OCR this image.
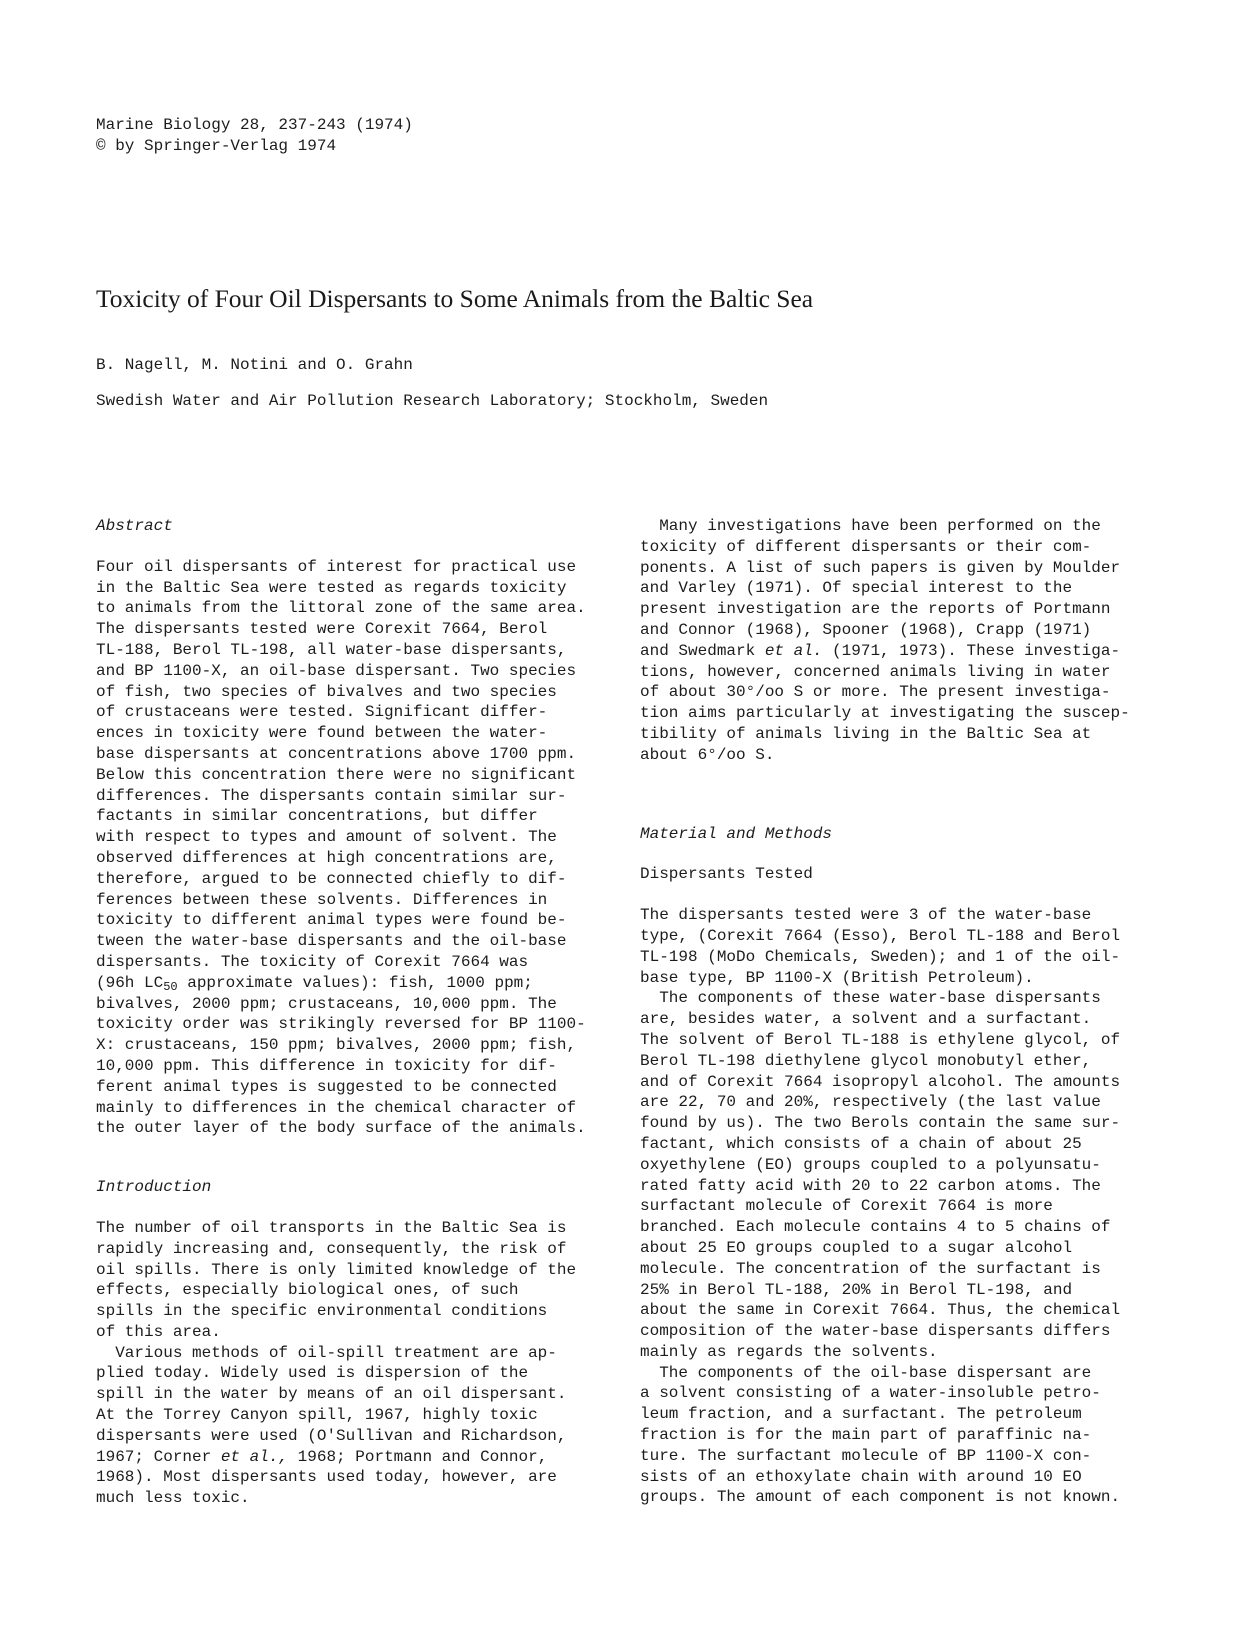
Marine Biology 28, 237-243 (1974)
© by Springer-Verlag 1974
Toxicity of Four Oil Dispersants to Some Animals from the Baltic Sea
B. Nagell, M. Notini and O. Grahn
Swedish Water and Air Pollution Research Laboratory; Stockholm, Sweden
Abstract
Four oil dispersants of interest for practical use
in the Baltic Sea were tested as regards toxicity
to animals from the littoral zone of the same area.
The dispersants tested were Corexit 7664, Berol
TL-188, Berol TL-198, all water-base dispersants,
and BP 1100-X, an oil-base dispersant. Two species
of fish, two species of bivalves and two species
of crustaceans were tested. Significant differ-
ences in toxicity were found between the water-
base dispersants at concentrations above 1700 ppm.
Below this concentration there were no significant
differences. The dispersants contain similar sur-
factants in similar concentrations, but differ
with respect to types and amount of solvent. The
observed differences at high concentrations are,
therefore, argued to be connected chiefly to dif-
ferences between these solvents. Differences in
toxicity to different animal types were found be-
tween the water-base dispersants and the oil-base
dispersants. The toxicity of Corexit 7664 was
(96h $LC_{50}$ approximate values): fish, 1000 ppm;
bivalves, 2000 ppm; crustaceans, 10,000 ppm. The
toxicity order was strikingly reversed for BP 1100-
X: crustaceans, 150 ppm; bivalves, 2000 ppm; fish,
10,000 ppm. This difference in toxicity for dif-
ferent animal types is suggested to be connected
mainly to differences in the chemical character of
the outer layer of the body surface of the animals.
Introduction
The number of oil transports in the Baltic Sea is
rapidly increasing and, consequently, the risk of
oil spills. There is only limited knowledge of the
effects, especially biological ones, of such
spills in the specific environmental conditions
of this area.
Various methods of oil-spill treatment are ap-
plied today. Widely used is dispersion of the
spill in the water by means of an oil dispersant.
At the Torrey Canyon spill, 1967, highly toxic
dispersants were used (O'Sullivan and Richardson,
1967; Corner et al., 1968; Portmann and Connor,
1968). Most dispersants used today, however, are
much less toxic.
Many investigations have been performed on the
toxicity of different dispersants or their com-
ponents. A list of such papers is given by Moulder
and Varley (1971). Of special interest to the
present investigation are the reports of Portmann
and Connor (1968), Spooner (1968), Crapp (1971)
and Swedmark et al. (1971, 1973). These investiga-
tions, however, concerned animals living in water
of about 30°/oo S or more. The present investiga-
tion aims particularly at investigating the suscep-
tibility of animals living in the Baltic Sea at
about 6°/oo S.
Material and Methods
Dispersants Tested
The dispersants tested were 3 of the water-base
type, (Corexit 7664 (Esso), Berol TL-188 and Berol
TL-198 (MoDo Chemicals, Sweden); and 1 of the oil-
base type, BP 1100-X (British Petroleum).
The components of these water-base dispersants
are, besides water, a solvent and a surfactant.
The solvent of Berol TL-188 is ethylene glycol, of
Berol TL-198 diethylene glycol monobutyl ether,
and of Corexit 7664 isopropyl alcohol. The amounts
are 22, 70 and 20%, respectively (the last value
found by us). The two Berols contain the same sur-
factant, which consists of a chain of about 25
oxyethylene (EO) groups coupled to a polyunsatu-
rated fatty acid with 20 to 22 carbon atoms. The
surfactant molecule of Corexit 7664 is more
branched. Each molecule contains 4 to 5 chains of
about 25 EO groups coupled to a sugar alcohol
molecule. The concentration of the surfactant is
25% in Berol TL-188, 20% in Berol TL-198, and
about the same in Corexit 7664. Thus, the chemical
composition of the water-base dispersants differs
mainly as regards the solvents.
The components of the oil-base dispersant are
a solvent consisting of a water-insoluble petro-
leum fraction, and a surfactant. The petroleum
fraction is for the main part of paraffinic na-
ture. The surfactant molecule of BP 1100-X con-
sists of an ethoxylate chain with around 10 EO
groups. The amount of each component is not known.
